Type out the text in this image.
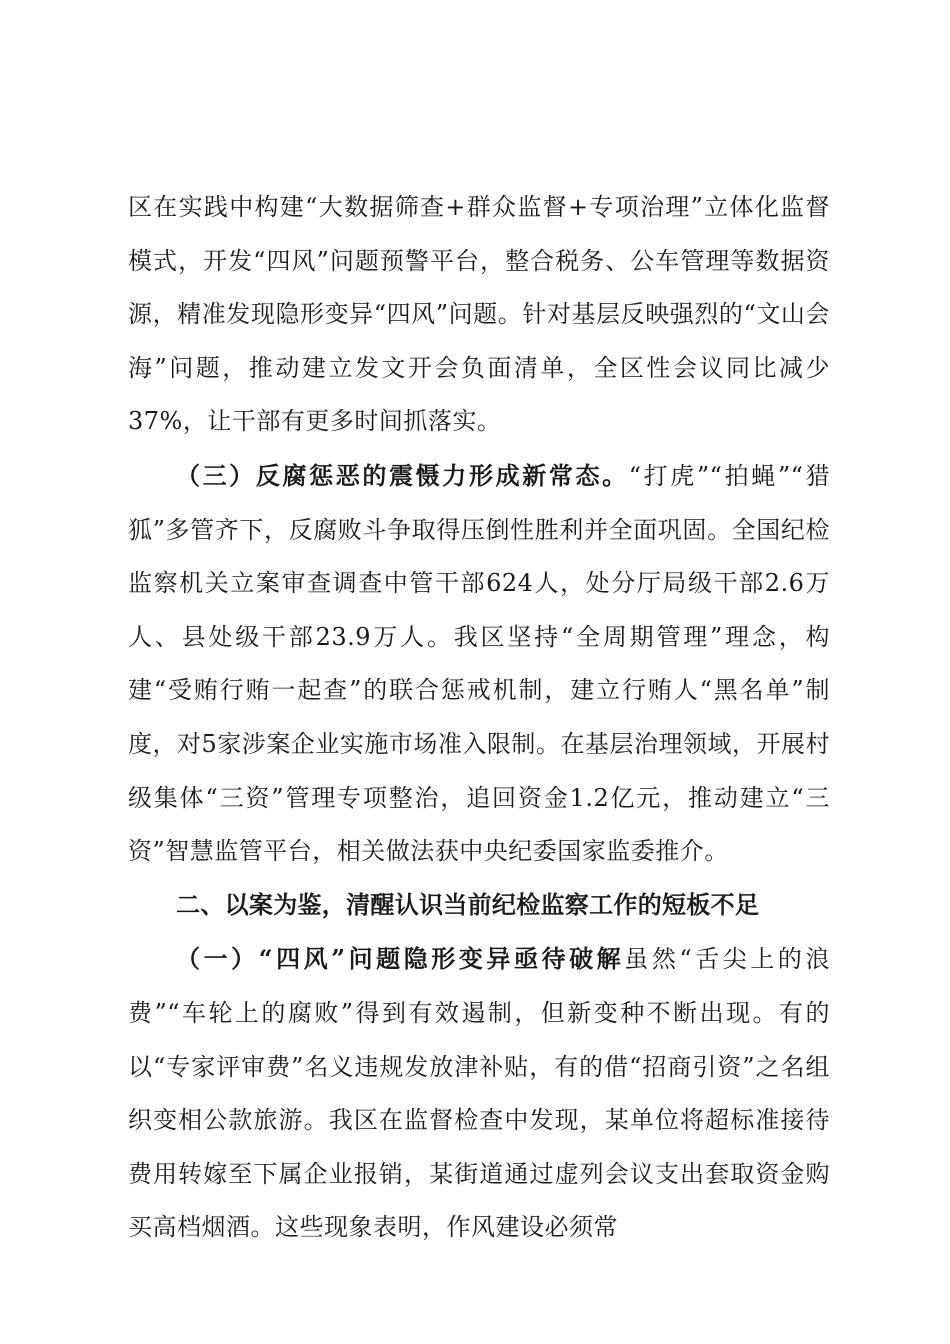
区在实践中构建“大数据筛查+群众监督+专项治理”立体化监督模式，开发“四风”问题预警平台，整合税务、公车管理等数据资源，精准发现隐形变异“四风”问题。针对基层反映强烈的“文山会海”问题，推动建立发文开会负面清单，全区性会议同比减少37%，让干部有更多时间抓落实。

（三）反腐惩恶的震慑力形成新常态。“打虎”“拍蝇”“猎狐”多管齐下，反腐败斗争取得压倒性胜利并全面巩固。全国纪检监察机关立案审查调查中管干部624人，处分厅局级干部2.6万人、县处级干部23.9万人。我区坚持“全周期管理”理念，构建“受贿行贿一起查”的联合惩戒机制，建立行贿人“黑名单”制度，对5家涉案企业实施市场准入限制。在基层治理领域，开展村级集体“三资”管理专项整治，追回资金1.2亿元，推动建立“三资”智慧监管平台，相关做法获中央纪委国家监委推介。

二、以案为鉴，清醒认识当前纪检监察工作的短板不足

（一）“四风”问题隐形变异亟待破解虽然“舌尖上的浪费”“车轮上的腐败”得到有效遏制，但新变种不断出现。有的以“专家评审费”名义违规发放津补贴，有的借“招商引资”之名组织变相公款旅游。我区在监督检查中发现，某单位将超标准接待费用转嫁至下属企业报销，某街道通过虚列会议支出套取资金购买高档烟酒。这些现象表明，作风建设必须常
